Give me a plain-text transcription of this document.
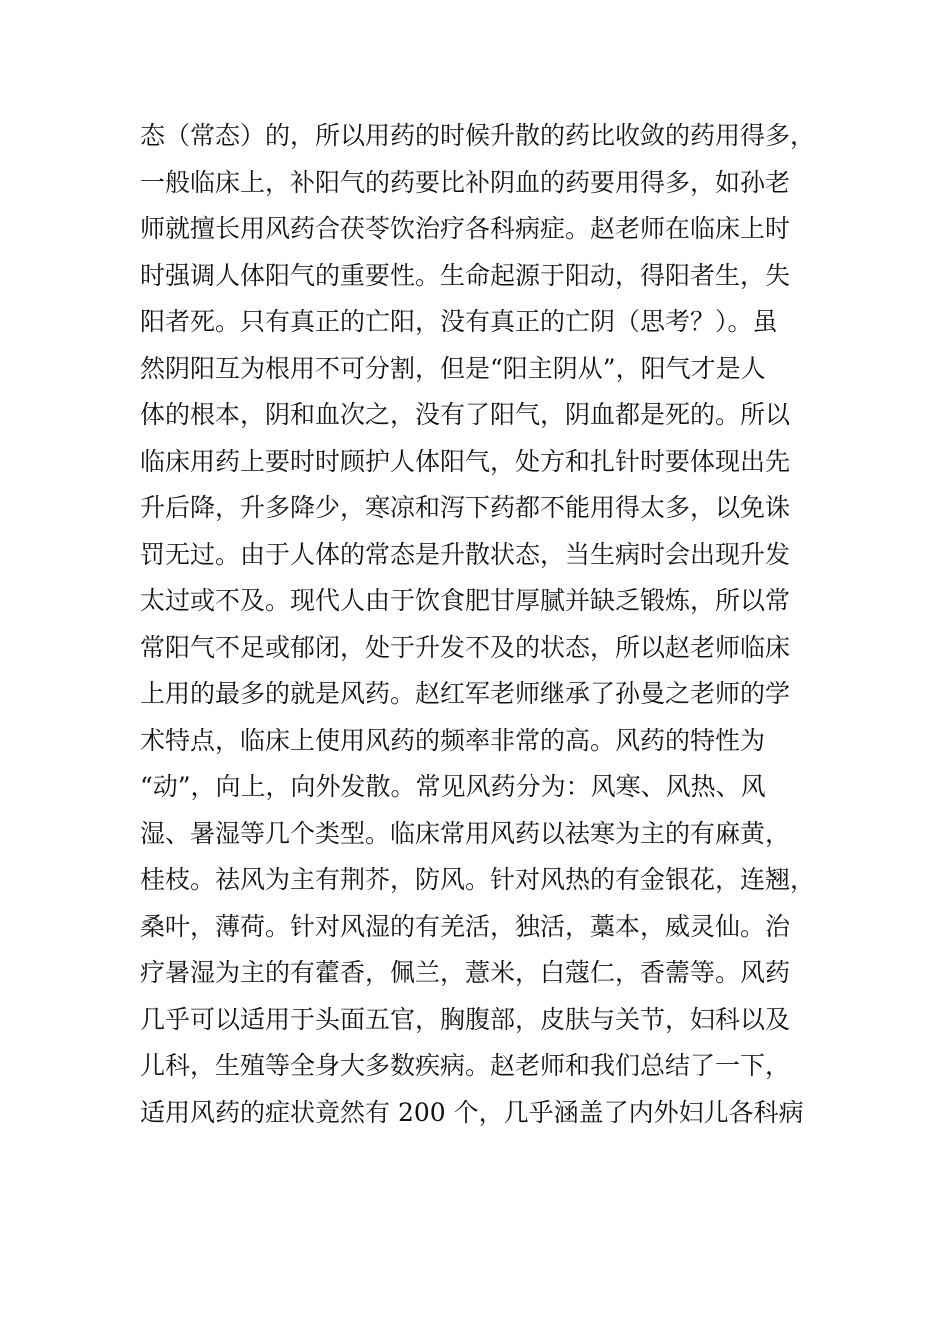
态（常态）的，所以用药的时候升散的药比收敛的药用得多，
一般临床上，补阳气的药要比补阴血的药要用得多，如孙老
师就擅长用风药合茯苓饮治疗各科病症。赵老师在临床上时
时强调人体阳气的重要性。生命起源于阳动，得阳者生，失
阳者死。只有真正的亡阳，没有真正的亡阴（思考？）。虽
然阴阳互为根用不可分割，但是“阳主阴从”，阳气才是人
体的根本，阴和血次之，没有了阳气，阴血都是死的。所以
临床用药上要时时顾护人体阳气，处方和扎针时要体现出先
升后降，升多降少，寒凉和泻下药都不能用得太多，以免诛
罚无过。由于人体的常态是升散状态，当生病时会出现升发
太过或不及。现代人由于饮食肥甘厚腻并缺乏锻炼，所以常
常阳气不足或郁闭，处于升发不及的状态，所以赵老师临床
上用的最多的就是风药。赵红军老师继承了孙曼之老师的学
术特点，临床上使用风药的频率非常的高。风药的特性为
“动”，向上，向外发散。常见风药分为：风寒、风热、风
湿、暑湿等几个类型。临床常用风药以祛寒为主的有麻黄，
桂枝。祛风为主有荆芥，防风。针对风热的有金银花，连翘，
桑叶，薄荷。针对风湿的有羌活，独活，藁本，威灵仙。治
疗暑湿为主的有藿香，佩兰，薏米，白蔻仁，香薷等。风药
几乎可以适用于头面五官，胸腹部，皮肤与关节，妇科以及
儿科，生殖等全身大多数疾病。赵老师和我们总结了一下，
适用风药的症状竟然有 200 个，几乎涵盖了内外妇儿各科病
